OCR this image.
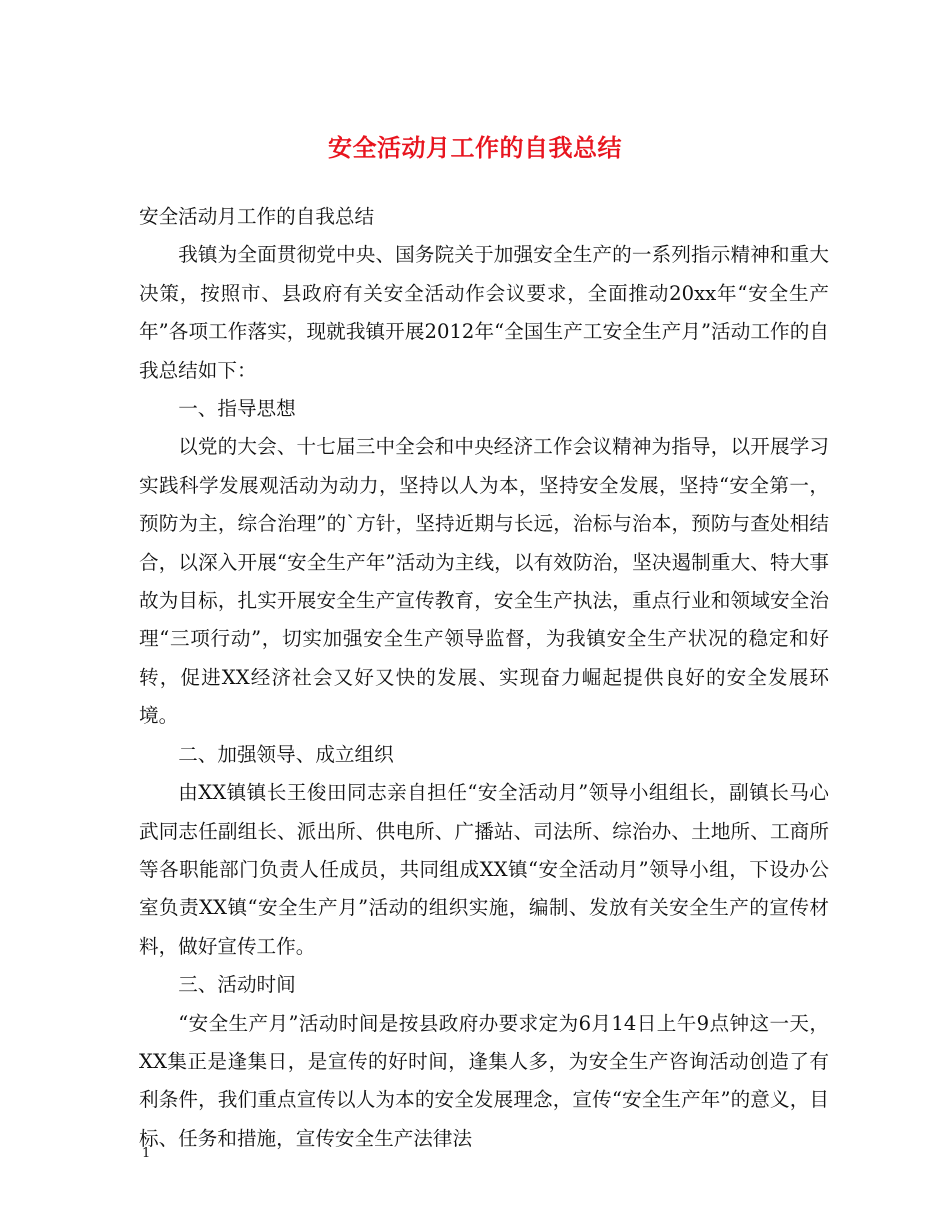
安全活动月工作的自我总结

安全活动月工作的自我总结

我镇为全面贯彻党中央、国务院关于加强安全生产的一系列指示精神和重大决策，按照市、县政府有关安全活动作会议要求，全面推动20xx年“安全生产年”各项工作落实，现就我镇开展2012年“全国生产工安全生产月”活动工作的自我总结如下：

一、指导思想

以党的大会、十七届三中全会和中央经济工作会议精神为指导，以开展学习实践科学发展观活动为动力，坚持以人为本，坚持安全发展，坚持“安全第一，预防为主，综合治理”的`方针，坚持近期与长远，治标与治本，预防与查处相结合，以深入开展“安全生产年”活动为主线，以有效防治，坚决遏制重大、特大事故为目标，扎实开展安全生产宣传教育，安全生产执法，重点行业和领域安全治理“三项行动”，切实加强安全生产领导监督，为我镇安全生产状况的稳定和好转，促进XX经济社会又好又快的发展、实现奋力崛起提供良好的安全发展环境。

二、加强领导、成立组织

由XX镇镇长王俊田同志亲自担任“安全活动月”领导小组组长，副镇长马心武同志任副组长、派出所、供电所、广播站、司法所、综治办、土地所、工商所等各职能部门负责人任成员，共同组成XX镇“安全活动月”领导小组，下设办公室负责XX镇“安全生产月”活动的组织实施，编制、发放有关安全生产的宣传材料，做好宣传工作。

三、活动时间

“安全生产月”活动时间是按县政府办要求定为6月14日上午9点钟这一天，XX集正是逢集日，是宣传的好时间，逢集人多，为安全生产咨询活动创造了有利条件，我们重点宣传以人为本的安全发展理念，宣传“安全生产年”的意义，目标、任务和措施，宣传安全生产法律法

1
